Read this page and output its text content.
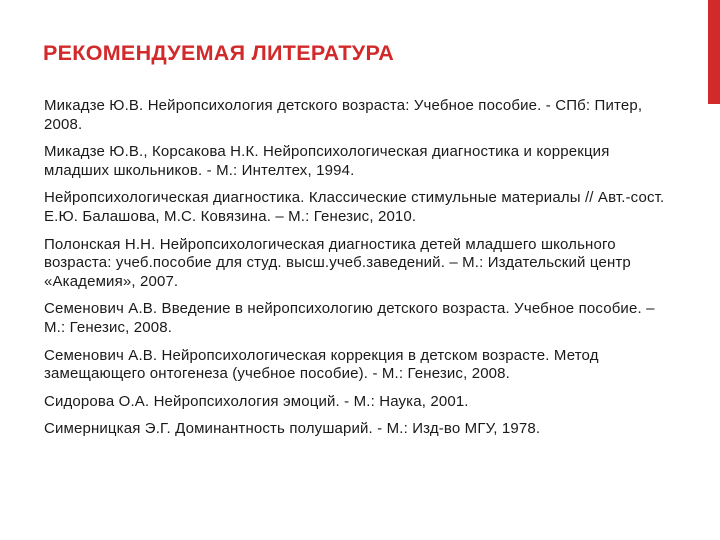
РЕКОМЕНДУЕМАЯ ЛИТЕРАТУРА
Микадзе Ю.В. Нейропсихология детского возраста: Учебное пособие. - СПб: Питер, 2008.
Микадзе Ю.В., Корсакова Н.К. Нейропсихологическая диагностика и коррекция младших школьников. - М.: Интелтех, 1994.
Нейропсихологическая диагностика. Классические стимульные материалы // Авт.-сост. Е.Ю. Балашова, М.С. Ковязина. – М.: Генезис, 2010.
Полонская Н.Н. Нейропсихологическая диагностика детей младшего школьного возраста: учеб.пособие для студ. высш.учеб.заведений. – М.: Издательский центр «Академия», 2007.
Семенович А.В. Введение в нейропсихологию детского возраста. Учебное пособие. – М.: Генезис, 2008.
Семенович А.В. Нейропсихологическая коррекция в детском возрасте. Метод замещающего онтогенеза (учебное пособие). - М.: Генезис, 2008.
Сидорова О.А. Нейропсихология эмоций. - М.: Наука, 2001.
Симерницкая Э.Г. Доминантность полушарий. - М.: Изд-во МГУ, 1978.
